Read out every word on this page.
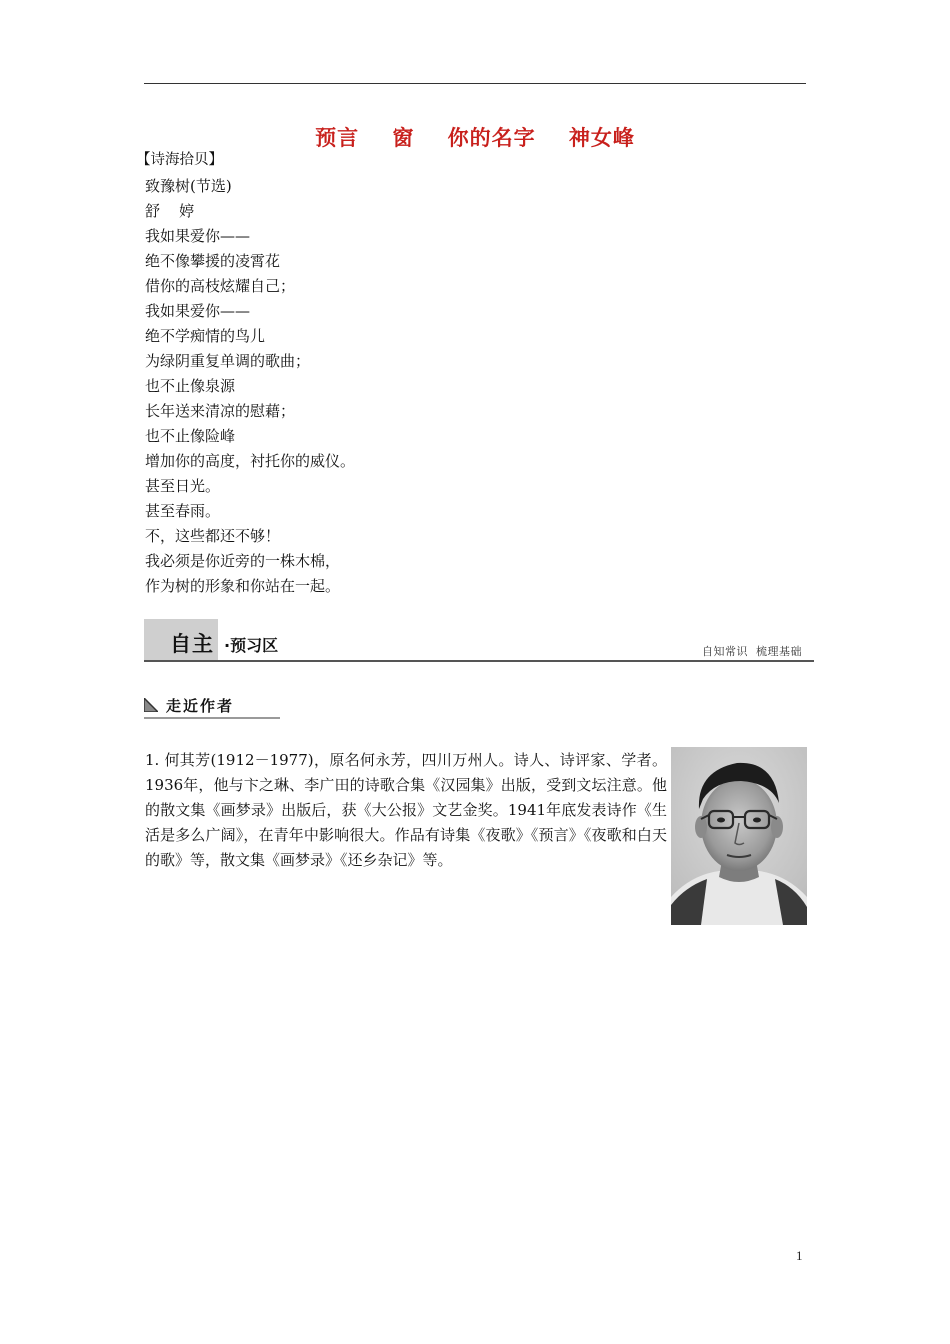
预言    窗    你的名字    神女峰
【诗海拾贝】
致豫树(节选)
舒    婷
我如果爱你——
绝不像攀援的凌霄花
借你的高枝炫耀自己；
我如果爱你——
绝不学痴情的鸟儿
为绿阴重复单调的歌曲；
也不止像泉源
长年送来清凉的慰藉；
也不止像险峰
增加你的高度，衬托你的威仪。
甚至日光。
甚至春雨。
不，这些都还不够！
我必须是你近旁的一株木棉，
作为树的形象和你站在一起。
自主 ·预习区	自知常识  梳理基础
走近作者

1. 何其芳(1912－1977)，原名何永芳，四川万州人。诗人、诗评家、学者。1936年，他与卞之琳、李广田的诗歌合集《汉园集》出版，受到文坛注意。他的散文集《画梦录》出版后，获《大公报》文艺金奖。1941年底发表诗作《生活是多么广阔》，在青年中影响很大。作品有诗集《夜歌》《预言》《夜歌和白天的歌》等，散文集《画梦录》《还乡杂记》等。

1
